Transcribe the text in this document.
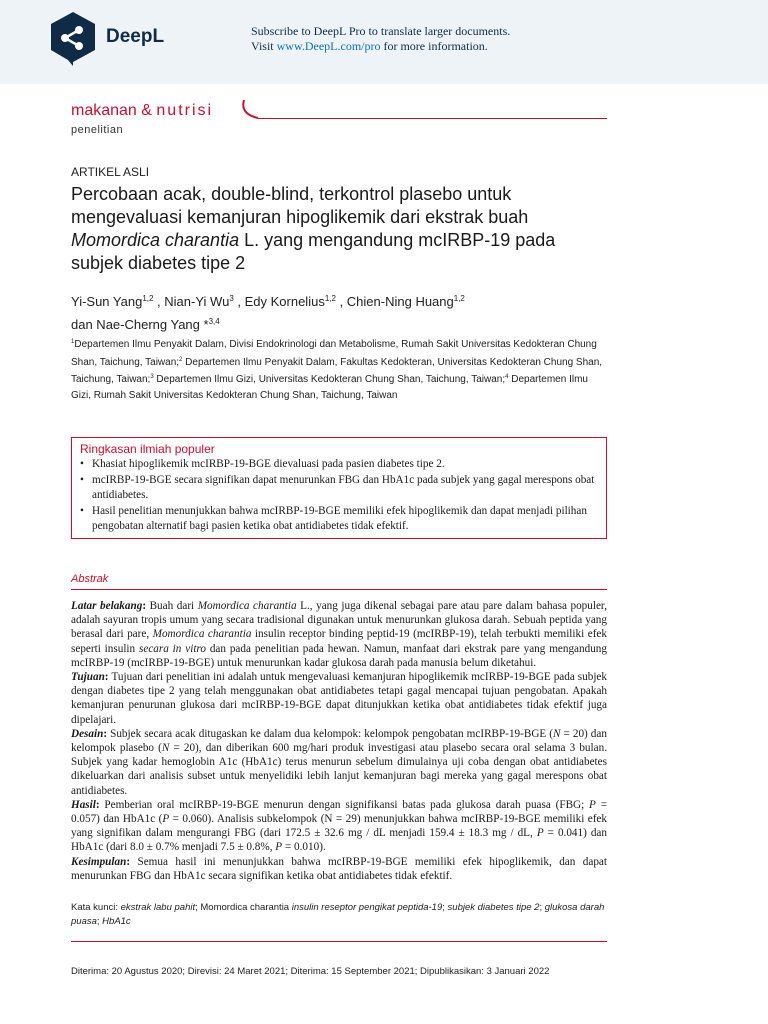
DeepL	Subscribe to DeepL Pro to translate larger documents.
Visit www.DeepL.com/pro for more information.
makanan & nutrisi
penelitian
ARTIKEL ASLI
Percobaan acak, double-blind, terkontrol plasebo untuk mengevaluasi kemanjuran hipoglikemik dari ekstrak buah Momordica charantia L. yang mengandung mcIRBP-19 pada subjek diabetes tipe 2
Yi-Sun Yang$^{1,2}$ , Nian-Yi Wu$^3$ , Edy Kornelius$^{1,2}$ , Chien-Ning Huang$^{1,2}$
dan Nae-Cherng Yang *$^{3,4}$
$^1$Departemen Ilmu Penyakit Dalam, Divisi Endokrinologi dan Metabolisme, Rumah Sakit Universitas Kedokteran Chung Shan, Taichung, Taiwan;$^2$ Departemen Ilmu Penyakit Dalam, Fakultas Kedokteran, Universitas Kedokteran Chung Shan, Taichung, Taiwan;$^3$ Departemen Ilmu Gizi, Universitas Kedokteran Chung Shan, Taichung, Taiwan;$^4$ Departemen Ilmu Gizi, Rumah Sakit Universitas Kedokteran Chung Shan, Taichung, Taiwan
Ringkasan ilmiah populer
• Khasiat hipoglikemik mcIRBP-19-BGE dievaluasi pada pasien diabetes tipe 2.
• mcIRBP-19-BGE secara signifikan dapat menurunkan FBG dan HbA1c pada subjek yang gagal merespons obat antidiabetes.
• Hasil penelitian menunjukkan bahwa mcIRBP-19-BGE memiliki efek hipoglikemik dan dapat menjadi pilihan pengobatan alternatif bagi pasien ketika obat antidiabetes tidak efektif.
Abstrak

Latar belakang: Buah dari Momordica charantia L., yang juga dikenal sebagai pare atau pare dalam bahasa populer, adalah sayuran tropis umum yang secara tradisional digunakan untuk menurunkan glukosa darah. Sebuah peptida yang berasal dari pare, Momordica charantia insulin receptor binding peptid-19 (mcIRBP-19), telah terbukti memiliki efek seperti insulin secara in vitro dan pada penelitian pada hewan. Namun, manfaat dari ekstrak pare yang mengandung mcIRBP-19 (mcIRBP-19-BGE) untuk menurunkan kadar glukosa darah pada manusia belum diketahui.

Tujuan: Tujuan dari penelitian ini adalah untuk mengevaluasi kemanjuran hipoglikemik mcIRBP-19-BGE pada subjek dengan diabetes tipe 2 yang telah menggunakan obat antidiabetes tetapi gagal mencapai tujuan pengobatan. Apakah kemanjuran penurunan glukosa dari mcIRBP-19-BGE dapat ditunjukkan ketika obat antidiabetes tidak efektif juga dipelajari.

Desain: Subjek secara acak ditugaskan ke dalam dua kelompok: kelompok pengobatan mcIRBP-19-BGE (N = 20) dan kelompok plasebo (N = 20), dan diberikan 600 mg/hari produk investigasi atau plasebo secara oral selama 3 bulan. Subjek yang kadar hemoglobin A1c (HbA1c) terus menurun sebelum dimulainya uji coba dengan obat antidiabetes dikeluarkan dari analisis subset untuk menyelidiki lebih lanjut kemanjuran bagi mereka yang gagal merespons obat antidiabetes.

Hasil: Pemberian oral mcIRBP-19-BGE menurun dengan signifikansi batas pada glukosa darah puasa (FBG; P = 0.057) dan HbA1c (P = 0.060). Analisis subkelompok (N = 29) menunjukkan bahwa mcIRBP-19-BGE memiliki efek yang signifikan dalam mengurangi FBG (dari 172.5 ± 32.6 mg / dL menjadi 159.4 ± 18.3 mg / dL, P = 0.041) dan HbA1c (dari 8.0 ± 0.7% menjadi 7.5 ± 0.8%, P = 0.010).

Kesimpulan: Semua hasil ini menunjukkan bahwa mcIRBP-19-BGE memiliki efek hipoglikemik, dan dapat menurunkan FBG dan HbA1c secara signifikan ketika obat antidiabetes tidak efektif.

Kata kunci: ekstrak labu pahit; Momordica charantia insulin reseptor pengikat peptida-19; subjek diabetes tipe 2; glukosa darah puasa; HbA1c
Diterima: 20 Agustus 2020; Direvisi: 24 Maret 2021; Diterima: 15 September 2021; Dipublikasikan: 3 Januari 2022
